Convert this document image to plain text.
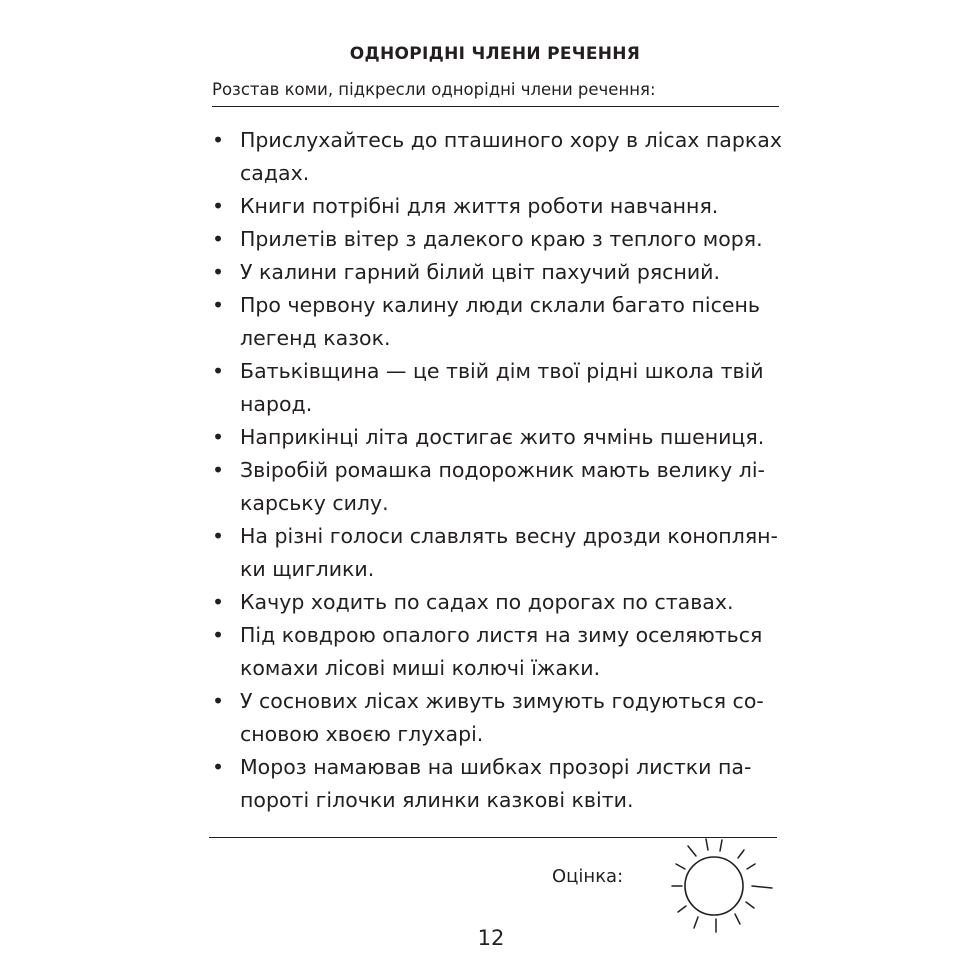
ОДНОРІДНІ ЧЛЕНИ РЕЧЕННЯ
Розстав коми, підкресли однорідні члени речення:
• Прислухайтесь до пташиного хору в лісах парках
садах.
• Книги потрібні для життя роботи навчання.
• Прилетів вітер з далекого краю з теплого моря.
• У калини гарний білий цвіт пахучий рясний.
• Про червону калину люди склали багато пісень
легенд казок.
• Батьківщина — це твій дім твої рідні школа твій
народ.
• Наприкінці літа достигає жито ячмінь пшениця.
• Звіробій ромашка подорожник мають велику лі-
карську силу.
• На різні голоси славлять весну дрозди коноплян-
ки щиглики.
• Качур ходить по садах по дорогах по ставах.
• Під ковдрою опалого листя на зиму оселяються
комахи лісові миші колючі їжаки.
• У соснових лісах живуть зимують годуються со-
сновою хвоєю глухарі.
• Мороз намаював на шибках прозорі листки па-
пороті гілочки ялинки казкові квіти.
Оцінка:
12
